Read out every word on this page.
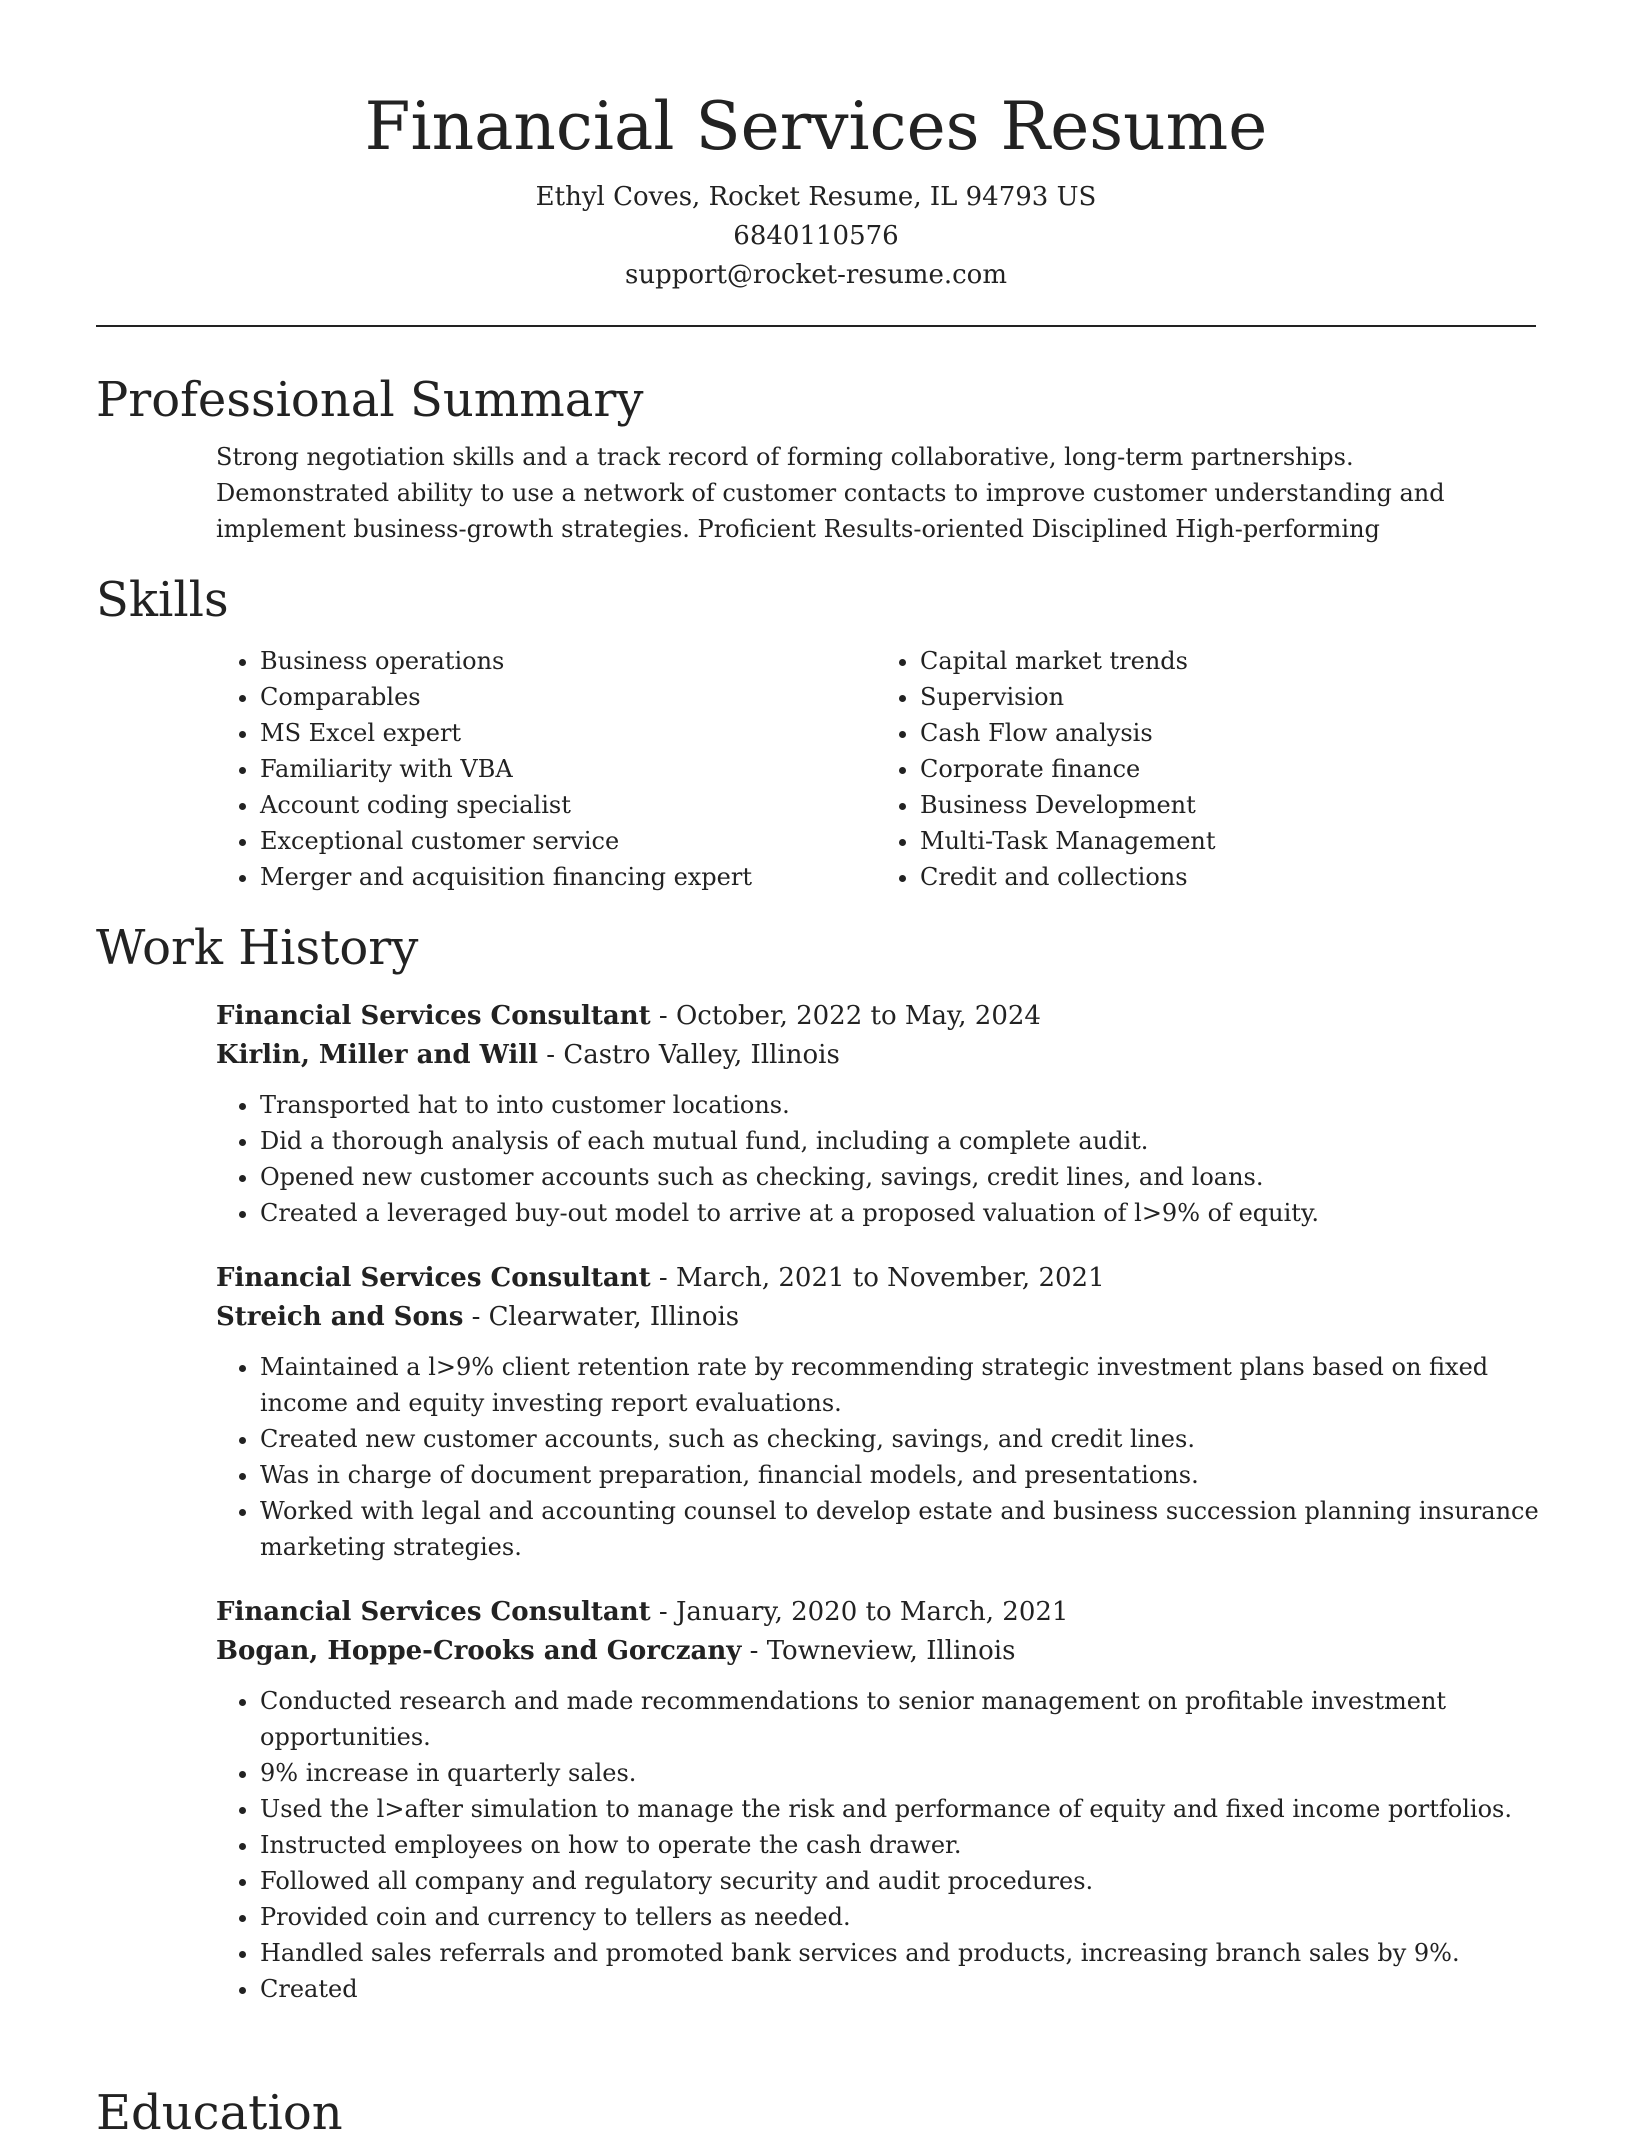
Financial Services Resume
Ethyl Coves, Rocket Resume, IL 94793 US
6840110576
support@rocket-resume.com
Professional Summary
Strong negotiation skills and a track record of forming collaborative, long-term partnerships. Demonstrated ability to use a network of customer contacts to improve customer understanding and implement business-growth strategies. Proficient Results-oriented Disciplined High-performing
Skills
• Business operations
• Comparables
• MS Excel expert
• Familiarity with VBA
• Account coding specialist
• Exceptional customer service
• Merger and acquisition financing expert
• Capital market trends
• Supervision
• Cash Flow analysis
• Corporate finance
• Business Development
• Multi-Task Management
• Credit and collections
Work History
Financial Services Consultant - October, 2022 to May, 2024
Kirlin, Miller and Will - Castro Valley, Illinois
• Transported hat to into customer locations.
• Did a thorough analysis of each mutual fund, including a complete audit.
• Opened new customer accounts such as checking, savings, credit lines, and loans.
• Created a leveraged buy-out model to arrive at a proposed valuation of l>9% of equity.
Financial Services Consultant - March, 2021 to November, 2021
Streich and Sons - Clearwater, Illinois
• Maintained a l>9% client retention rate by recommending strategic investment plans based on fixed income and equity investing report evaluations.
• Created new customer accounts, such as checking, savings, and credit lines.
• Was in charge of document preparation, financial models, and presentations.
• Worked with legal and accounting counsel to develop estate and business succession planning insurance marketing strategies.
Financial Services Consultant - January, 2020 to March, 2021
Bogan, Hoppe-Crooks and Gorczany - Towneview, Illinois
• Conducted research and made recommendations to senior management on profitable investment opportunities.
• 9% increase in quarterly sales.
• Used the l>after simulation to manage the risk and performance of equity and fixed income portfolios.
• Instructed employees on how to operate the cash drawer.
• Followed all company and regulatory security and audit procedures.
• Provided coin and currency to tellers as needed.
• Handled sales referrals and promoted bank services and products, increasing branch sales by 9%.
• Created
Education
